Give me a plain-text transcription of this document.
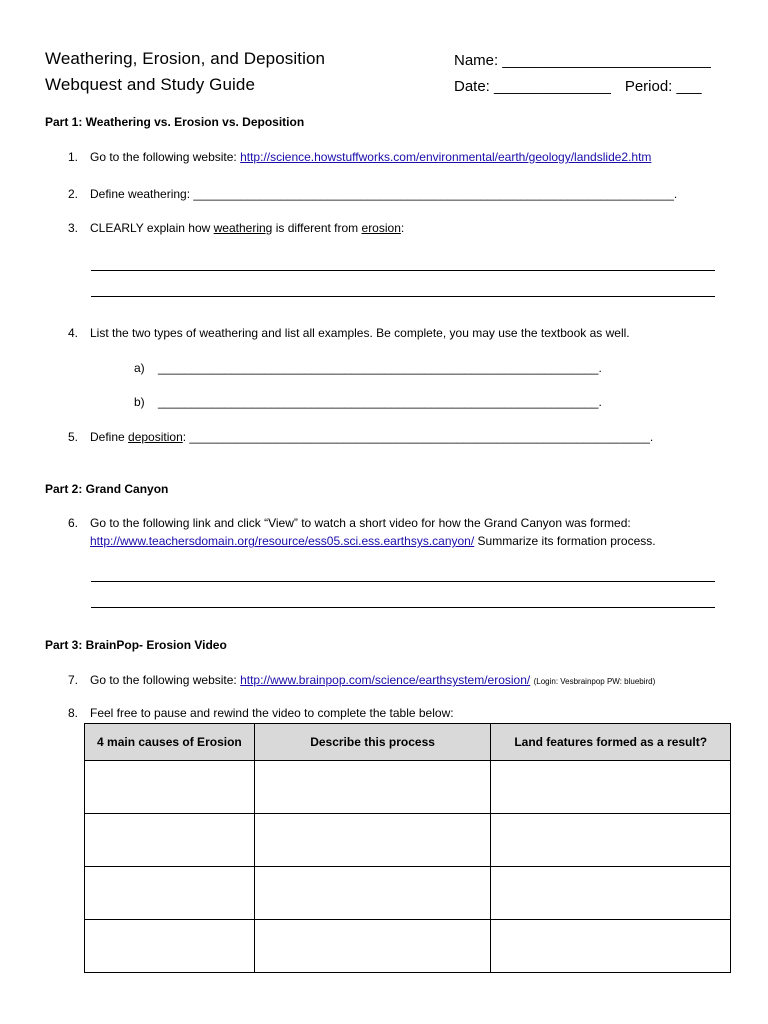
Weathering, Erosion, and Deposition
Webquest and Study Guide
Name: _________________________
Date: ______________ Period: ___
Part 1: Weathering vs. Erosion vs. Deposition
1. Go to the following website: http://science.howstuffworks.com/environmental/earth/geology/landslide2.htm
2. Define weathering: ________________________________________________________________________.
3. CLEARLY explain how weathering is different from erosion:
4. List the two types of weathering and list all examples. Be complete, you may use the textbook as well.
a) __________________________________________________________________.
b) __________________________________________________________________.
5. Define deposition: _____________________________________________________________________.
Part 2: Grand Canyon
6. Go to the following link and click “View” to watch a short video for how the Grand Canyon was formed:
http://www.teachersdomain.org/resource/ess05.sci.ess.earthsys.canyon/ Summarize its formation process.
Part 3: BrainPop- Erosion Video
7. Go to the following website: http://www.brainpop.com/science/earthsystem/erosion/ (Login: Vesbrainpop PW: bluebird)
8. Feel free to pause and rewind the video to complete the table below:
4 main causes of Erosion	Describe this process	Land features formed as a result?
